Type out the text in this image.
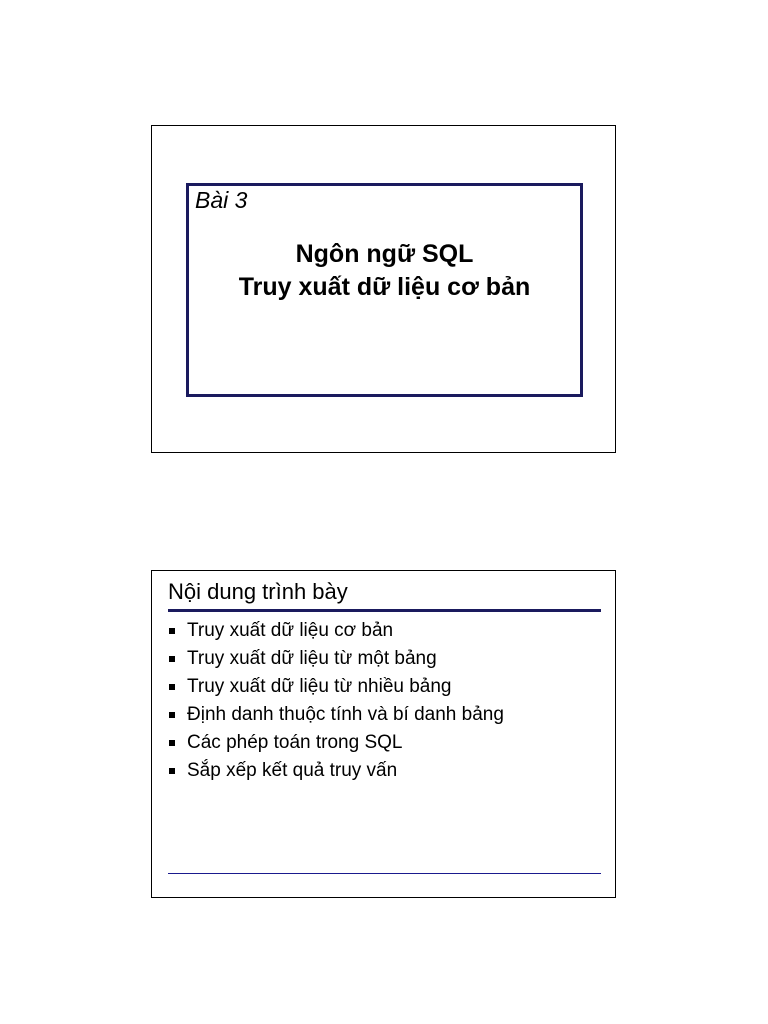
Bài 3
Ngôn ngữ SQL
Truy xuất dữ liệu cơ bản
Nội dung trình bày
Truy xuất dữ liệu cơ bản
Truy xuất dữ liệu từ một bảng
Truy xuất dữ liệu từ nhiều bảng
Định danh thuộc tính và bí danh bảng
Các phép toán trong SQL
Sắp xếp kết quả truy vấn
